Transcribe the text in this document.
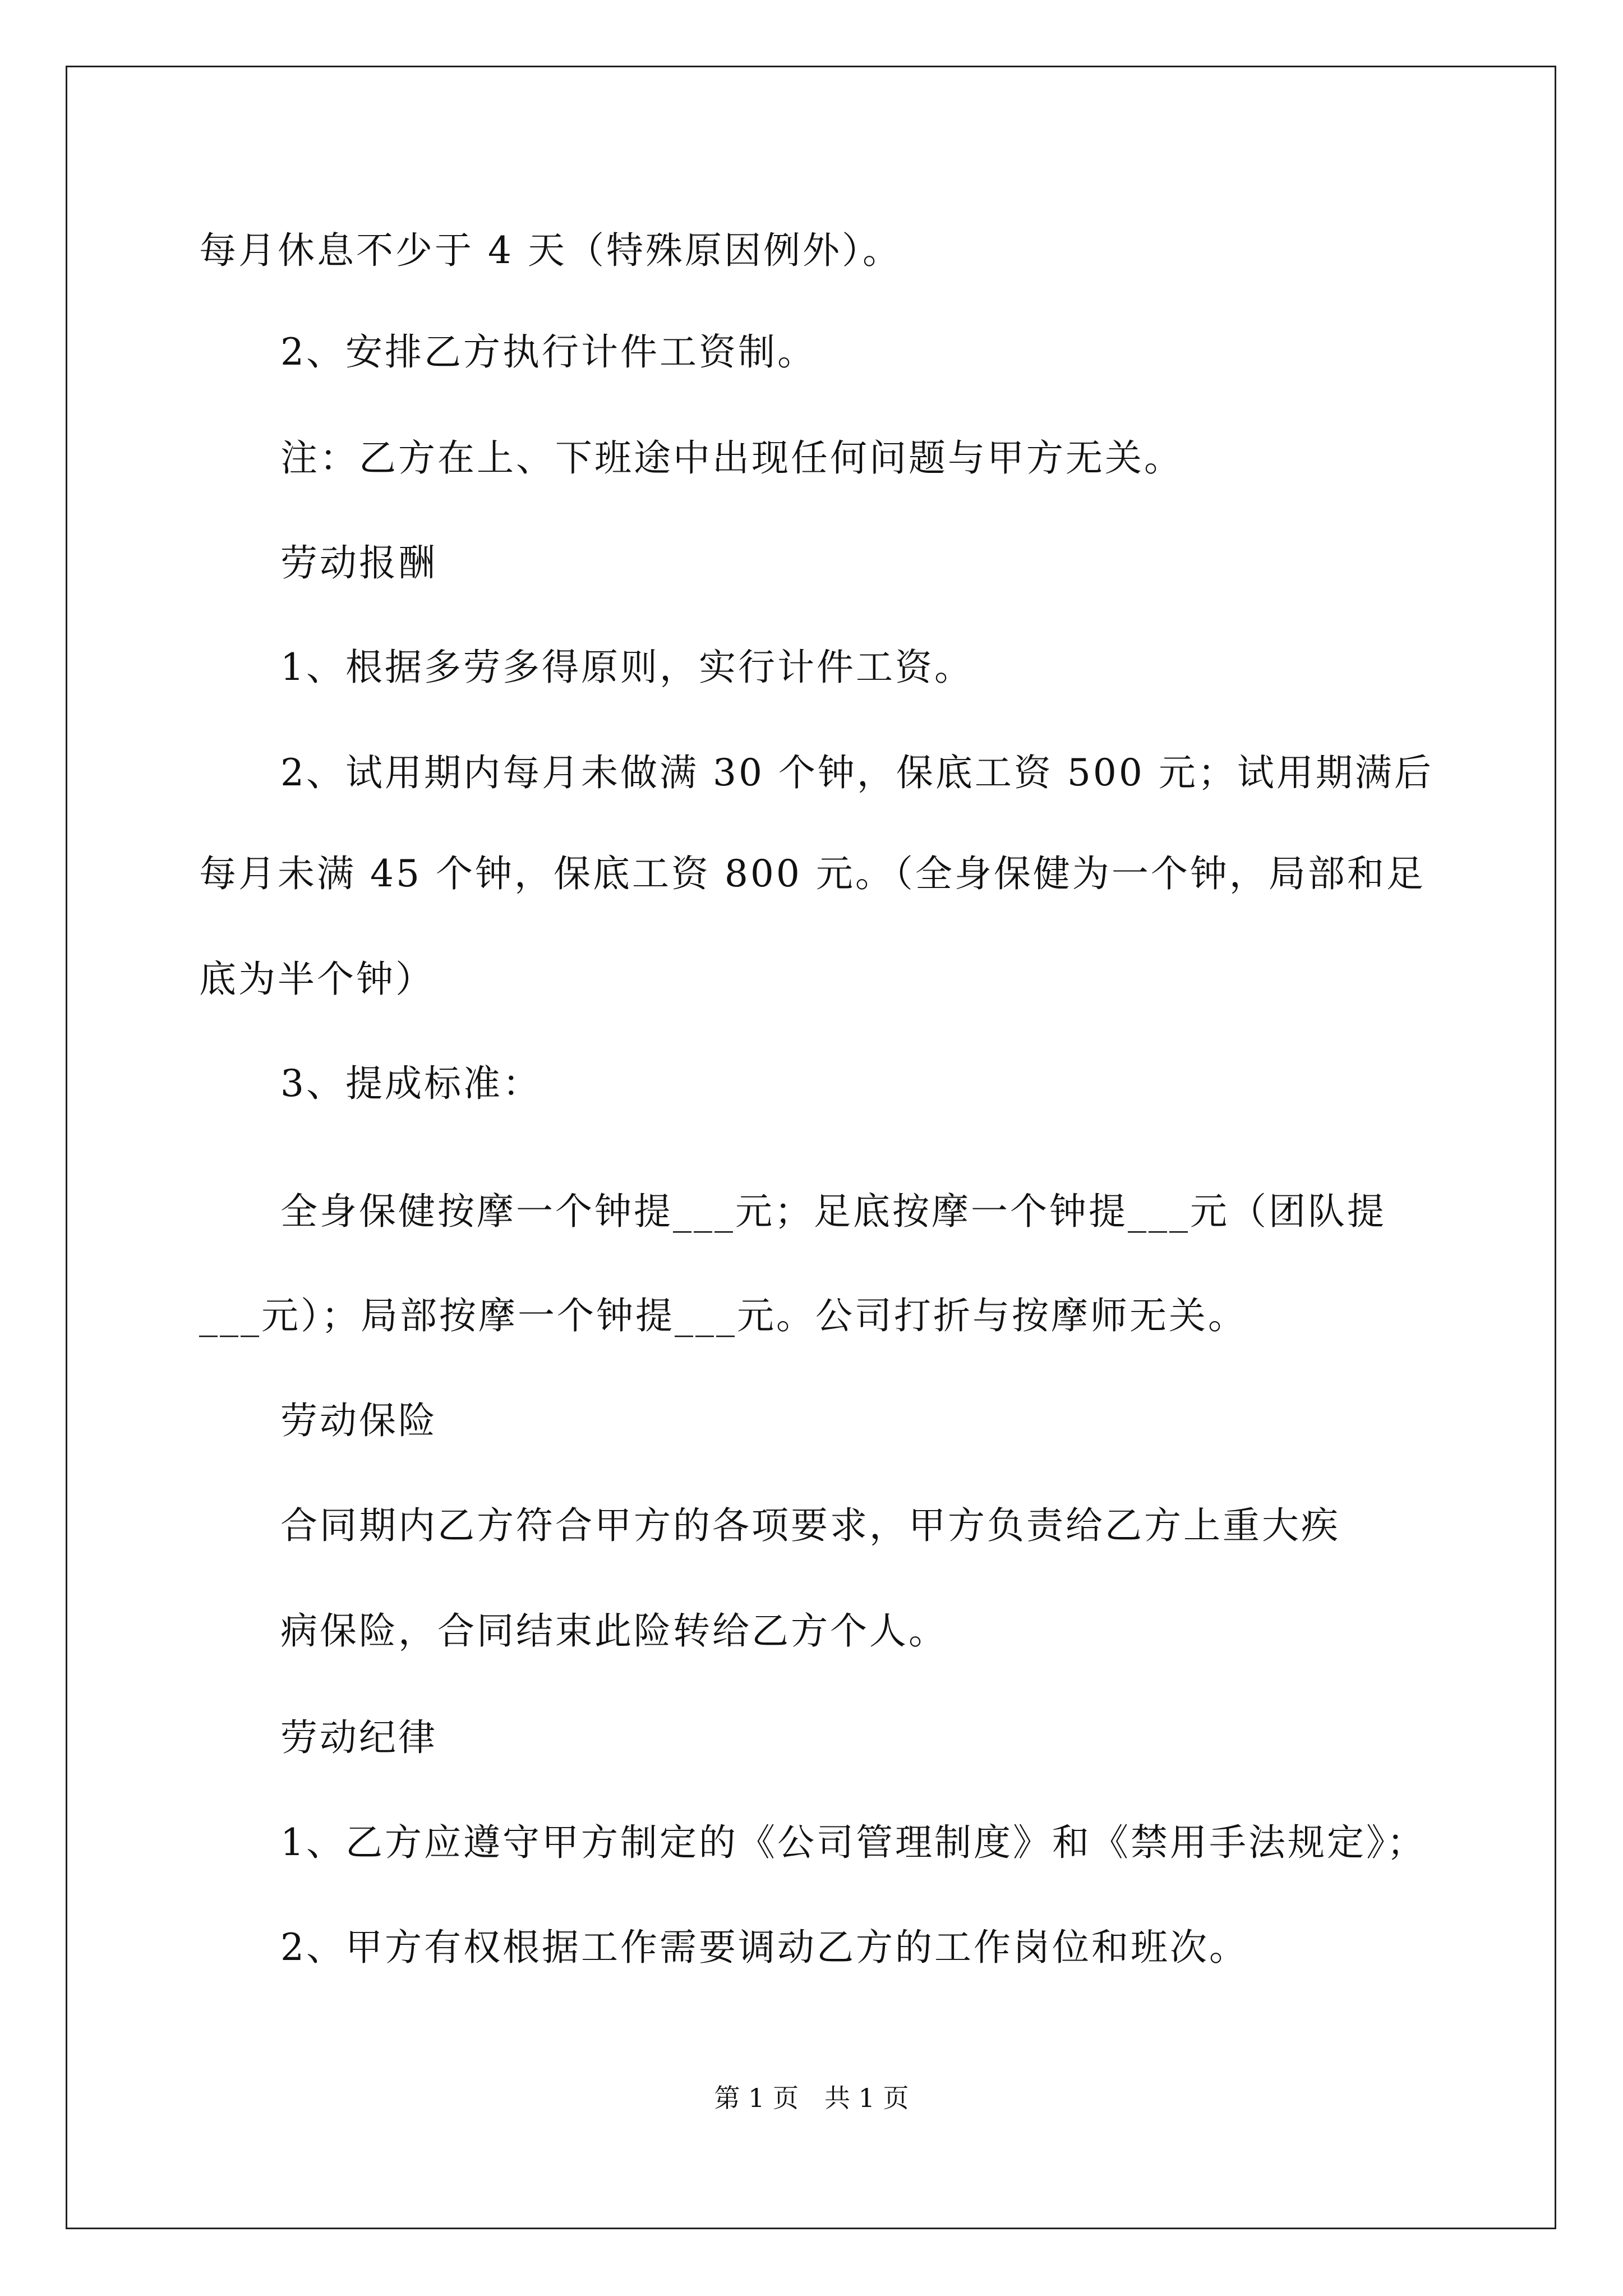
每月休息不少于 4 天（特殊原因例外）。
2、安排乙方执行计件工资制。
注：乙方在上、下班途中出现任何问题与甲方无关。
劳动报酬
1、根据多劳多得原则，实行计件工资。
2、试用期内每月未做满 30 个钟，保底工资 500 元；试用期满后
每月未满 45 个钟，保底工资 800 元。（全身保健为一个钟，局部和足
底为半个钟）
3、提成标准：
全身保健按摩一个钟提___元；足底按摩一个钟提___元（团队提
___元）；局部按摩一个钟提___元。公司打折与按摩师无关。
劳动保险
合同期内乙方符合甲方的各项要求，甲方负责给乙方上重大疾
病保险，合同结束此险转给乙方个人。
劳动纪律
1、乙方应遵守甲方制定的《公司管理制度》和《禁用手法规定》；
2、甲方有权根据工作需要调动乙方的工作岗位和班次。
第 1 页　共 1 页
